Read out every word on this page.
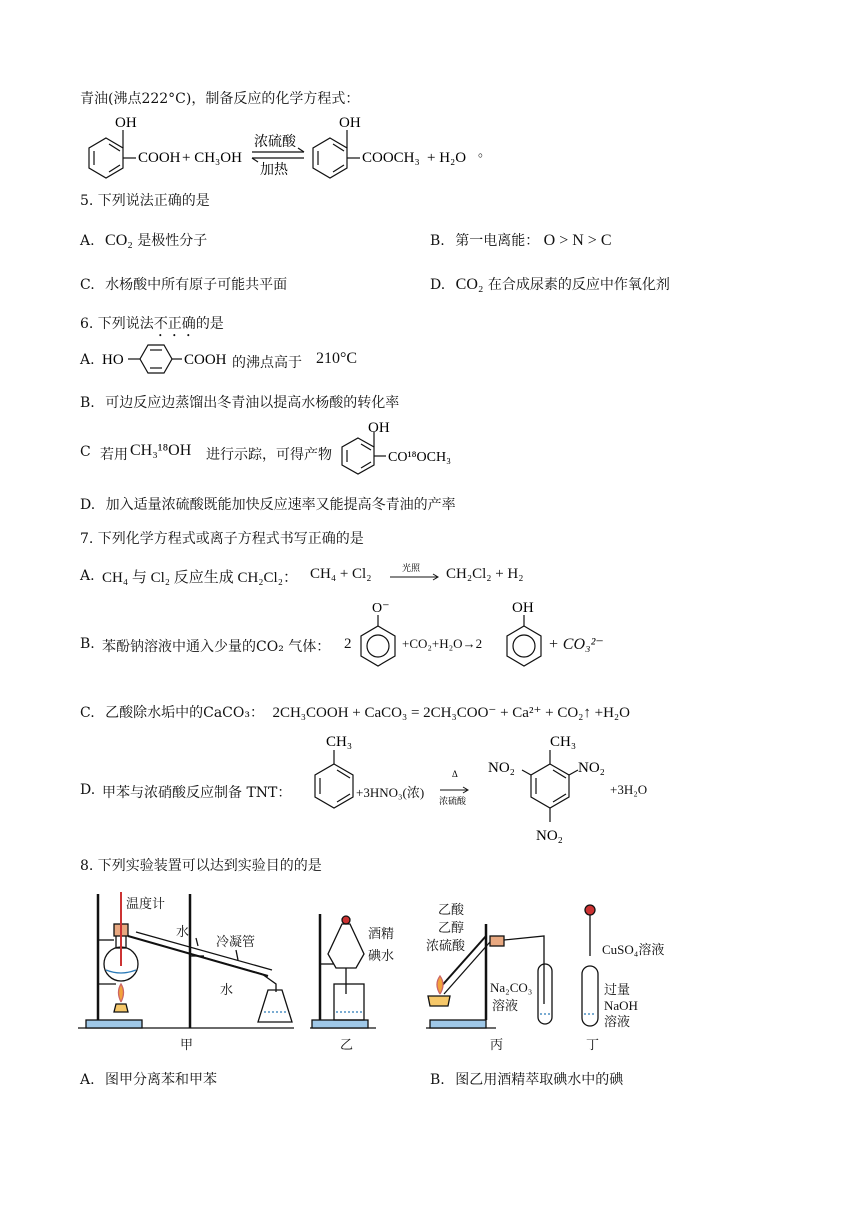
青油(沸点222°C)，制备反应的化学方程式：
OH
COOH + CH₃OH
浓硫酸
加热
OH
COOCH₃ + H₂O 。
5. 下列说法正确的是
A. CO₂ 是极性分子	B. 第一电离能： O > N > C
C. 水杨酸中所有原子可能共平面	D. CO₂ 在合成尿素的反应中作氧化剂
6. 下列说法不正确的是
A. HO	COOH 的沸点高于 210°C
B. 可边反应边蒸馏出冬青油以提高水杨酸的转化率
C 若用 CH₃¹⁸OH 进行示踪，可得产物
OH
CO¹⁸OCH₃
D. 加入适量浓硫酸既能加快反应速率又能提高冬青油的产率
7. 下列化学方程式或离子方程式书写正确的是
A. CH₄ 与 Cl₂ 反应生成 CH₂Cl₂： CH₄ + Cl₂	光照 CH₂Cl₂ + H₂
B. 苯酚钠溶液中通入少量的CO₂ 气体： 2
O⁻
+CO₂+H₂O→2
OH
+ CO₃²⁻
C. 乙酸除水垢中的CaCO₃： 2CH₃COOH + CaCO₃ = 2CH₃COO⁻ + Ca²⁺ + CO₂↑ +H₂O
D. 甲苯与浓硝酸反应制备 TNT：
CH₃
+3HNO₃(浓)
Δ
浓硫酸
CH₃
NO₂	NO₂
NO₂
+3H₂O
8. 下列实验装置可以达到实验目的的是
温度计
水
冷凝管
水
甲
酒精
碘水
乙
乙酸
乙醇
浓硫酸
Na₂CO₃
溶液
丙
CuSO₄溶液
过量
NaOH
溶液
丁
A. 图甲分离苯和甲苯	B. 图乙用酒精萃取碘水中的碘
